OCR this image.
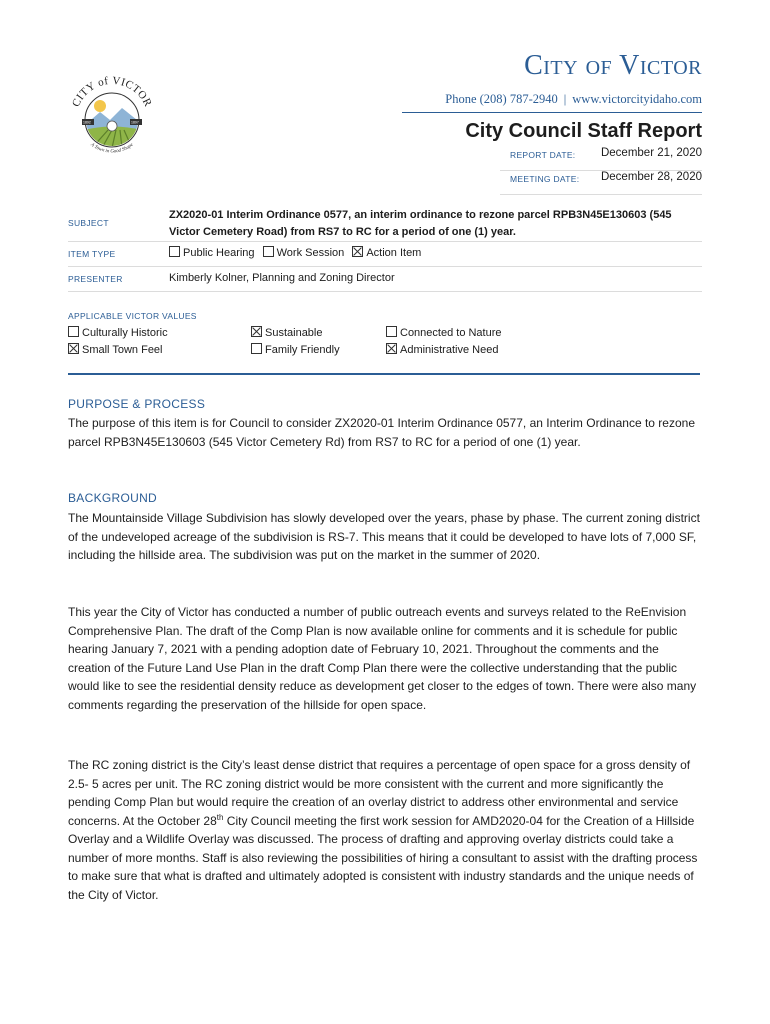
1892	1897
CITY of VICTOR
A Town in Good Shape
City of Victor
Phone (208) 787-2940 | www.victorcityidaho.com
City Council Staff Report
REPORT DATE: December 21, 2020
MEETING DATE: December 28, 2020
SUBJECT
ZX2020-01 Interim Ordinance 0577, an interim ordinance to rezone parcel RPB3N45E130603 (545
Victor Cemetery Road) from RS7 to RC for a period of one (1) year.
ITEM TYPE	Public Hearing Work Session Action Item
PRESENTER	Kimberly Kolner, Planning and Zoning Director
APPLICABLE VICTOR VALUES
Culturally Historic	Sustainable	Connected to Nature
Small Town Feel	Family Friendly	Administrative Need
PURPOSE & PROCESS
The purpose of this item is for Council to consider ZX2020-01 Interim Ordinance 0577, an Interim Ordinance to rezone parcel RPB3N45E130603 (545 Victor Cemetery Rd) from RS7 to RC for a period of one (1) year.
BACKGROUND
The Mountainside Village Subdivision has slowly developed over the years, phase by phase. The current zoning district of the undeveloped acreage of the subdivision is RS-7. This means that it could be developed to have lots of 7,000 SF, including the hillside area. The subdivision was put on the market in the summer of 2020.
This year the City of Victor has conducted a number of public outreach events and surveys related to the ReEnvision Comprehensive Plan. The draft of the Comp Plan is now available online for comments and it is schedule for public hearing January 7, 2021 with a pending adoption date of February 10, 2021. Throughout the comments and the creation of the Future Land Use Plan in the draft Comp Plan there were the collective understanding that the public would like to see the residential density reduce as development get closer to the edges of town. There were also many comments regarding the preservation of the hillside for open space.
The RC zoning district is the City’s least dense district that requires a percentage of open space for a gross density of 2.5- 5 acres per unit. The RC zoning district would be more consistent with the current and more significantly the pending Comp Plan but would require the creation of an overlay district to address other environmental and service concerns. At the October 28th City Council meeting the first work session for AMD2020-04 for the Creation of a Hillside Overlay and a Wildlife Overlay was discussed. The process of drafting and approving overlay districts could take a number of more months. Staff is also reviewing the possibilities of hiring a consultant to assist with the drafting process to make sure that what is drafted and ultimately adopted is consistent with industry standards and the unique needs of the City of Victor.
